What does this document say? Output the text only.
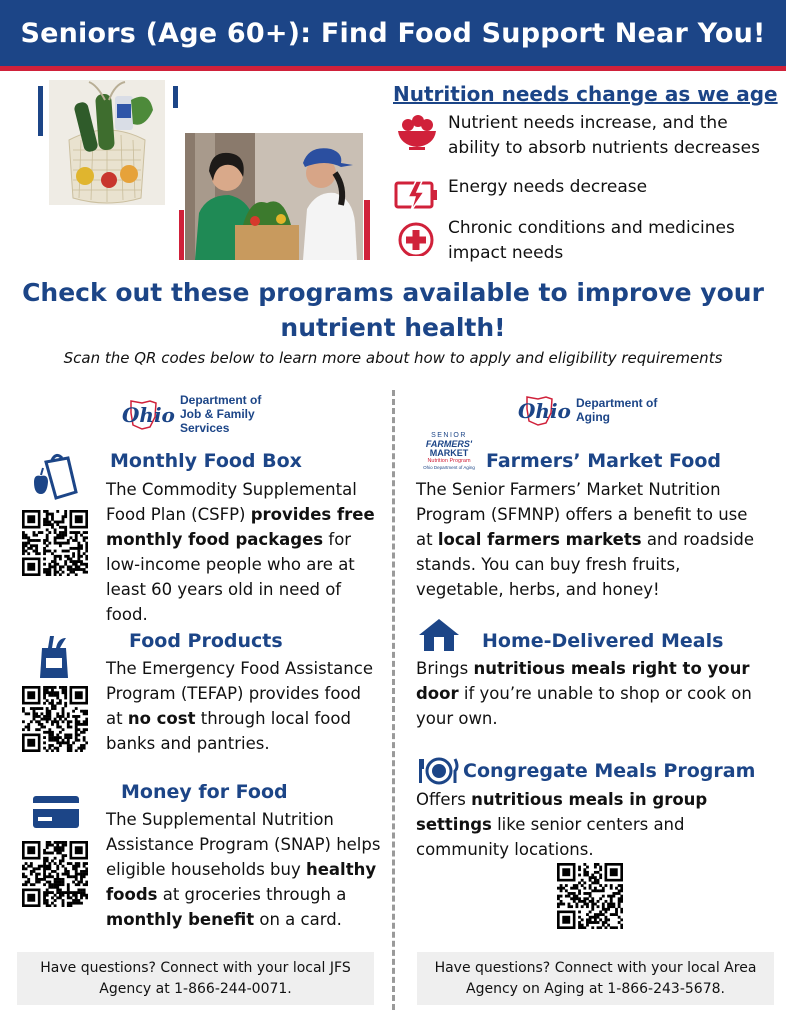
Seniors (Age 60+): Find Food Support Near You!
Nutrition needs change as we age
Nutrient needs increase, and the ability to absorb nutrients decreases
Energy needs decrease
Chronic conditions and medicines impact needs
Check out these programs available to improve your
nutrient health!
Scan the QR codes below to learn more about how to apply and eligibility requirements
Ohio
Department of
Job & Family
Services
Ohio Department of
Aging
Monthly Food Box
The Commodity Supplemental Food Plan (CSFP) provides free monthly food packages for low-income people who are at least 60 years old in need of food.
Food Products
The Emergency Food Assistance Program (TEFAP) provides food at no cost through local food banks and pantries.
Money for Food
The Supplemental Nutrition Assistance Program (SNAP) helps eligible households buy healthy foods at groceries through a monthly benefit on a card.
SENIOR
FARMERS'
MARKET
Nutrition Program
Ohio Department of Aging Farmers’ Market Food
The Senior Farmers’ Market Nutrition Program (SFMNP) offers a benefit to use at local farmers markets and roadside stands. You can buy fresh fruits, vegetable, herbs, and honey!
Home-Delivered Meals
Brings nutritious meals right to your door if you’re unable to shop or cook on your own.
Congregate Meals Program
Offers nutritious meals in group settings like senior centers and community locations.
Have questions? Connect with your local JFS
Agency at 1-866-244-0071.
Have questions? Connect with your local Area
Agency on Aging at 1-866-243-5678.
